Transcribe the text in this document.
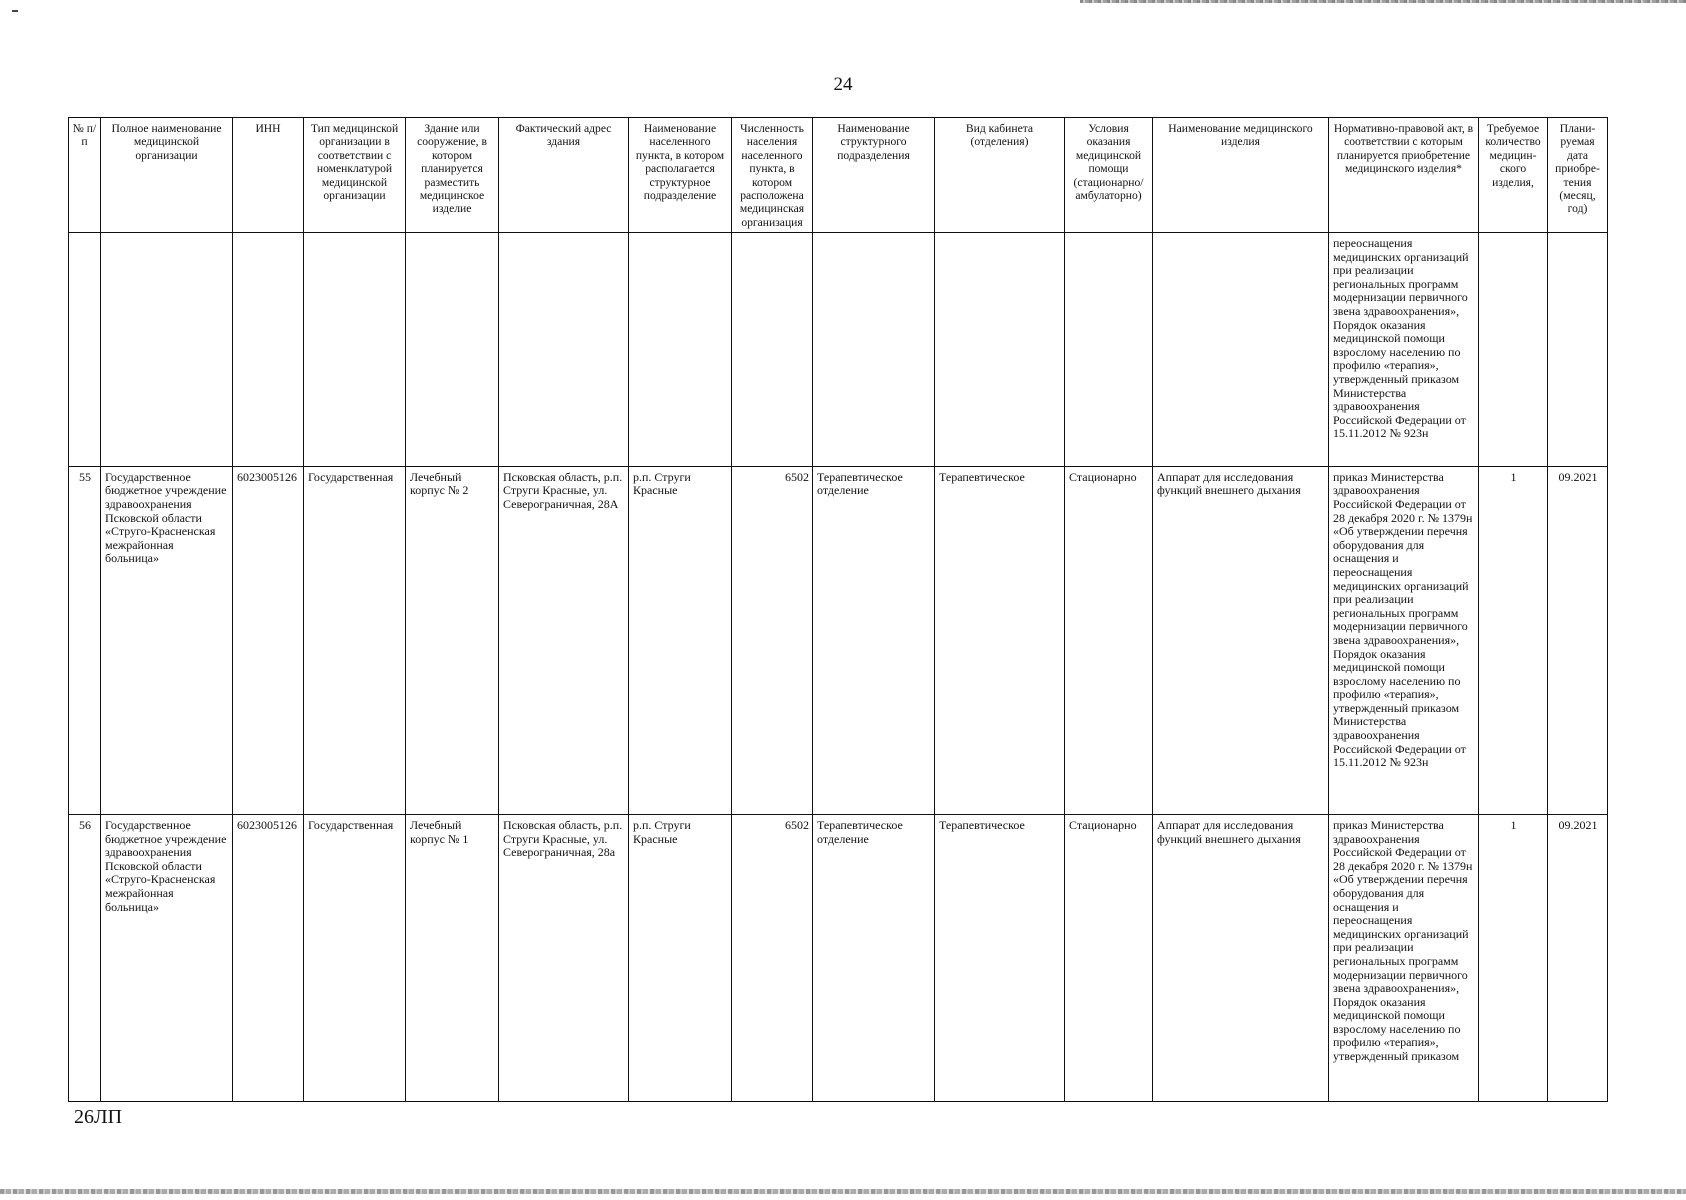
24
№ п/п	Полное наименование медицинской организации	ИНН	Тип медицинской организации в соответствии с номенклатурой медицинской организации	Здание или сооружение, в котором планируется разместить медицинское изделие	Фактический адрес здания	Наименование населенного пункта, в котором располагается структурное подразделение	Численность населения населенного пункта, в котором расположена медицинская организация	Наименование структурного подразделения	Вид кабинета (отделения)	Условия оказания медицинской помощи (стационарно/ амбулаторно)	Наименование медицинского изделия	Нормативно-правовой акт, в соответствии с которым планируется приобретение медицинского изделия*	Требуемое количество медицин-ского изделия,	Плани-руемая дата приобре-тения (месяц, год)
												переоснащения медицинских организаций при реализации региональных программ модернизации первичного звена здравоохранения», Порядок оказания медицинской помощи взрослому населению по профилю «терапия», утвержденный приказом Министерства здравоохранения Российской Федерации от 15.11.2012 № 923н		
55	Государственное бюджетное учреждение здравоохранения Псковской области «Струго-Красненская межрайонная больница»	6023005126	Государственная	Лечебный корпус № 2	Псковская область, р.п. Струги Красные, ул. Северограничная, 28А	р.п. Струги Красные	6502	Терапевтическое отделение	Терапевтическое	Стационарно	Аппарат для исследования функций внешнего дыхания	приказ Министерства здравоохранения Российской Федерации от 28 декабря 2020 г. № 1379н «Об утверждении перечня оборудования для оснащения и переоснащения медицинских организаций при реализации региональных программ модернизации первичного звена здравоохранения», Порядок оказания медицинской помощи взрослому населению по профилю «терапия», утвержденный приказом Министерства здравоохранения Российской Федерации от 15.11.2012 № 923н	1	09.2021
56	Государственное бюджетное учреждение здравоохранения Псковской области «Струго-Красненская межрайонная больница»	6023005126	Государственная	Лечебный корпус № 1	Псковская область, р.п. Струги Красные, ул. Северограничная, 28а	р.п. Струги Красные	6502	Терапевтическое отделение	Терапевтическое	Стационарно	Аппарат для исследования функций внешнего дыхания	приказ Министерства здравоохранения Российской Федерации от 28 декабря 2020 г. № 1379н «Об утверждении перечня оборудования для оснащения и переоснащения медицинских организаций при реализации региональных программ модернизации первичного звена здравоохранения», Порядок оказания медицинской помощи взрослому населению по профилю «терапия», утвержденный приказом	1	09.2021
26ЛП
